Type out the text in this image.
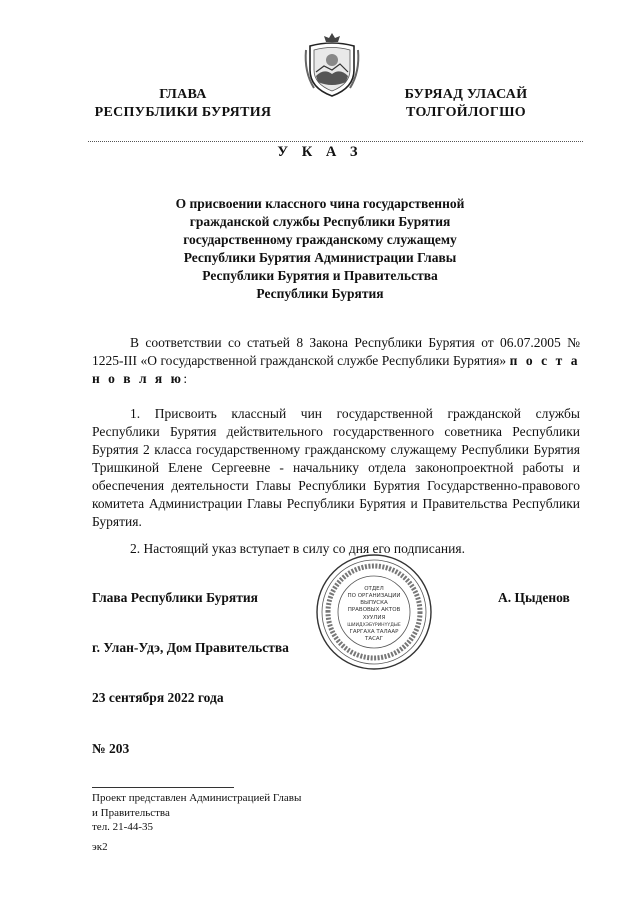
ГЛАВА
РЕСПУБЛИКИ БУРЯТИЯ
БУРЯАД УЛАСАЙ
ТОЛГОЙЛОГШО
У К А З
О присвоении классного чина государственной
гражданской службы Республики Бурятия
государственному гражданскому служащему
Республики Бурятия Администрации Главы
Республики Бурятия и Правительства
Республики Бурятия

В соответствии со статьей 8 Закона Республики Бурятия от 06.07.2005 № 1225-III «О государственной гражданской службе Республики Бурятия» п о с т а н о в л я ю:

1. Присвоить классный чин государственной гражданской службы Республики Бурятия действительного государственного советника Республики Бурятия 2 класса государственному гражданскому служащему Республики Бурятия Тришкиной Елене Сергеевне - начальнику отдела законопроектной работы и обеспечения деятельности Главы Республики Бурятия Государственно-правового комитета Администрации Главы Республики Бурятия и Правительства Республики Бурятия.

2. Настоящий указ вступает в силу со дня его подписания.

Глава Республики Бурятия	А. Цыденов
ОТДЕЛ
ПО ОРГАНИЗАЦИИ
ВЫПУСКА
ПРАВОВЫХ АКТОВ
ХУУЛИЯ
ШИИДХЭБҮРИНҮҮДЫЕ
ГАРГАХА ТАЛААР
ТАСАГ
г. Улан-Удэ, Дом Правительства
23 сентября 2022 года
№ 203
Проект представлен Администрацией Главы
и Правительства
тел. 21-44-35
эк2
